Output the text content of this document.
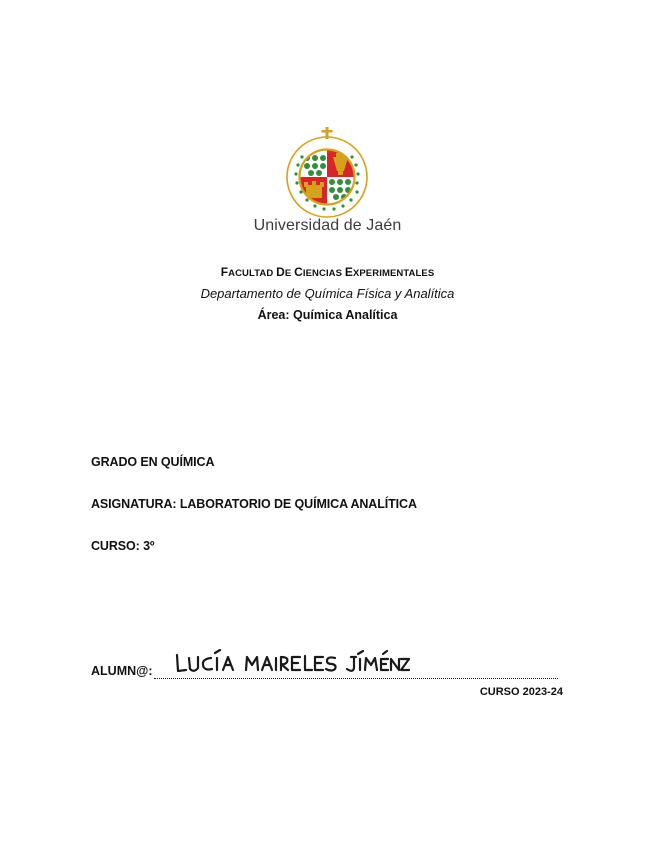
Universidad de Jaén
FACULTAD DE CIENCIAS EXPERIMENTALES
Departamento de Química Física y Analítica
Área: Química Analítica
GRADO EN QUÍMICA
ASIGNATURA: LABORATORIO DE QUÍMICA ANALÍTICA
CURSO: 3º
ALUMN@:
CURSO 2023-24
